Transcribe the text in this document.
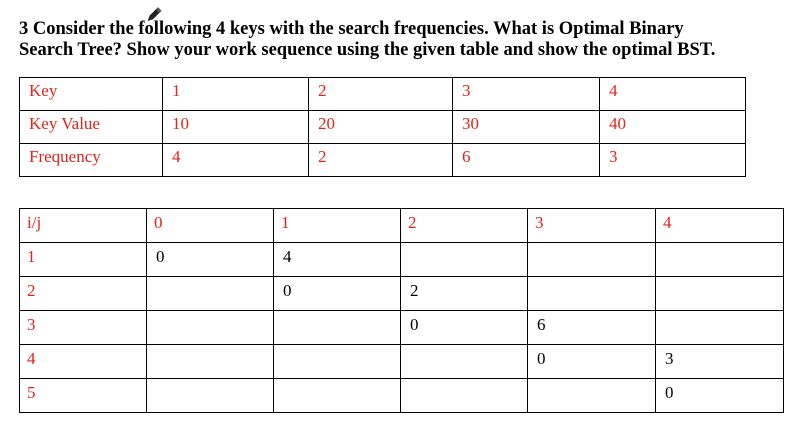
3 Consider the following 4 keys with the search frequencies. What is Optimal Binary
Search Tree? Show your work sequence using the given table and show the optimal BST.
Key	1	2	3	4
Key Value	10	20	30	40
Frequency	4	2	6	3
i/j	0	1	2	3	4
1	0	4			
2		0	2		
3			0	6	
4				0	3
5					0
